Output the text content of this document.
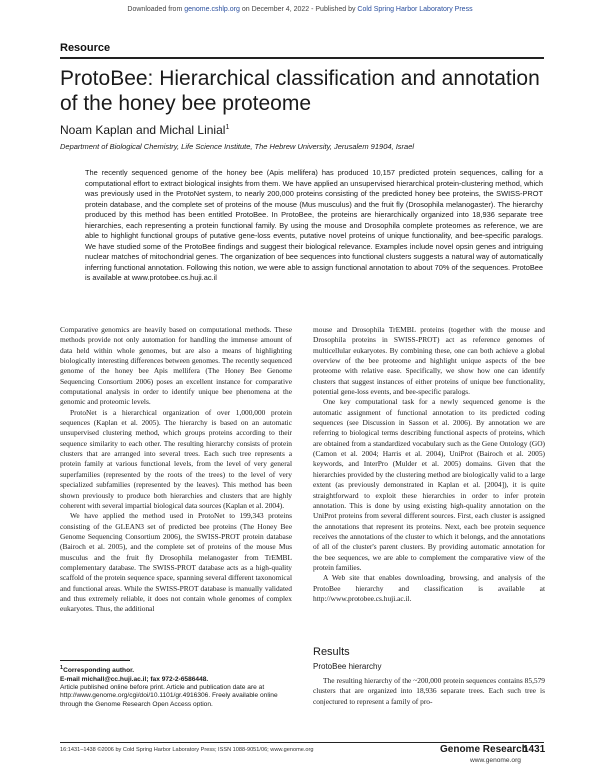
Downloaded from genome.cshlp.org on December 4, 2022 - Published by Cold Spring Harbor Laboratory Press
Resource
ProtoBee: Hierarchical classification and annotation of the honey bee proteome
Noam Kaplan and Michal Linial$^1$
Department of Biological Chemistry, Life Science Institute, The Hebrew University, Jerusalem 91904, Israel
The recently sequenced genome of the honey bee (Apis mellifera) has produced 10,157 predicted protein sequences, calling for a computational effort to extract biological insights from them. We have applied an unsupervised hierarchical protein-clustering method, which was previously used in the ProtoNet system, to nearly 200,000 proteins consisting of the predicted honey bee proteins, the SWISS-PROT protein database, and the complete set of proteins of the mouse (Mus musculus) and the fruit fly (Drosophila melanogaster). The hierarchy produced by this method has been entitled ProtoBee. In ProtoBee, the proteins are hierarchically organized into 18,936 separate tree hierarchies, each representing a protein functional family. By using the mouse and Drosophila complete proteomes as reference, we are able to highlight functional groups of putative gene-loss events, putative novel proteins of unique functionality, and bee-specific paralogs. We have studied some of the ProtoBee findings and suggest their biological relevance. Examples include novel opsin genes and intriguing nuclear matches of mitochondrial genes. The organization of bee sequences into functional clusters suggests a natural way of automatically inferring functional annotation. Following this notion, we were able to assign functional annotation to about 70% of the sequences. ProtoBee is available at www.protobee.cs.huji.ac.il

Comparative genomics are heavily based on computational methods. These methods provide not only automation for handling the immense amount of data held within whole genomes, but are also a means of highlighting biologically interesting differences between genomes. The recently sequenced genome of the honey bee Apis mellifera (The Honey Bee Genome Sequencing Consortium 2006) poses an excellent instance for comparative computational analysis in order to identify unique bee phenomena at the genomic and proteomic levels.

ProtoNet is a hierarchical organization of over 1,000,000 protein sequences (Kaplan et al. 2005). The hierarchy is based on an automatic unsupervised clustering method, which groups proteins according to their sequence similarity to each other. The resulting hierarchy consists of protein clusters that are arranged into several trees. Each such tree represents a protein family at various functional levels, from the level of very general superfamilies (represented by the roots of the trees) to the level of very specialized subfamilies (represented by the leaves). This method has been shown previously to produce both hierarchies and clusters that are highly coherent with several impartial biological data sources (Kaplan et al. 2004).

We have applied the method used in ProtoNet to 199,343 proteins consisting of the GLEAN3 set of predicted bee proteins (The Honey Bee Genome Sequencing Consortium 2006), the SWISS-PROT protein database (Bairoch et al. 2005), and the complete set of proteins of the mouse Mus musculus and the fruit fly Drosophila melanogaster from TrEMBL complementary database. The SWISS-PROT database acts as a high-quality scaffold of the protein sequence space, spanning several different taxonomical and functional areas. While the SWISS-PROT database is manually validated and thus extremely reliable, it does not contain whole genomes of complex eukaryotes. Thus, the additional

mouse and Drosophila TrEMBL proteins (together with the mouse and Drosophila proteins in SWISS-PROT) act as reference genomes of multicellular eukaryotes. By combining these, one can both achieve a global overview of the bee proteome and highlight unique aspects of the bee proteome with relative ease. Specifically, we show how one can identify clusters that suggest instances of either proteins of unique bee functionality, potential gene-loss events, and bee-specific paralogs.

One key computational task for a newly sequenced genome is the automatic assignment of functional annotation to its predicted coding sequences (see Discussion in Sasson et al. 2006). By annotation we are referring to biological terms describing functional aspects of proteins, which are obtained from a standardized vocabulary such as the Gene Ontology (GO) (Camon et al. 2004; Harris et al. 2004), UniProt (Bairoch et al. 2005) keywords, and InterPro (Mulder et al. 2005) domains. Given that the hierarchies provided by the clustering method are biologically valid to a large extent (as previously demonstrated in Kaplan et al. [2004]), it is quite straightforward to exploit these hierarchies in order to infer protein annotation. This is done by using existing high-quality annotation on the UniProt proteins from several different sources. First, each cluster is assigned the annotations that represent its proteins. Next, each bee protein sequence receives the annotations of the cluster to which it belongs, and the annotations of all of the cluster's parent clusters. By providing automatic annotation for the bee sequences, we are able to complement the comparative view of the protein families.

A Web site that enables downloading, browsing, and analysis of the ProtoBee hierarchy and classification is available at http://www.protobee.cs.huji.ac.il.

Results
ProtoBee hierarchy

The resulting hierarchy of the ~200,000 protein sequences contains 85,579 clusters that are organized into 18,936 separate trees. Each such tree is conjectured to represent a family of pro-

$^1$Corresponding author.

E-mail michall@cc.huji.ac.il; fax 972-2-6586448.

Article published online before print. Article and publication date are at http://www.genome.org/cgi/doi/10.1101/gr.4916306. Freely available online through the Genome Research Open Access option.

16:1431–1438 ©2006 by Cold Spring Harbor Laboratory Press; ISSN 1088-9051/06; www.genome.org	Genome Research
1431
www.genome.org
